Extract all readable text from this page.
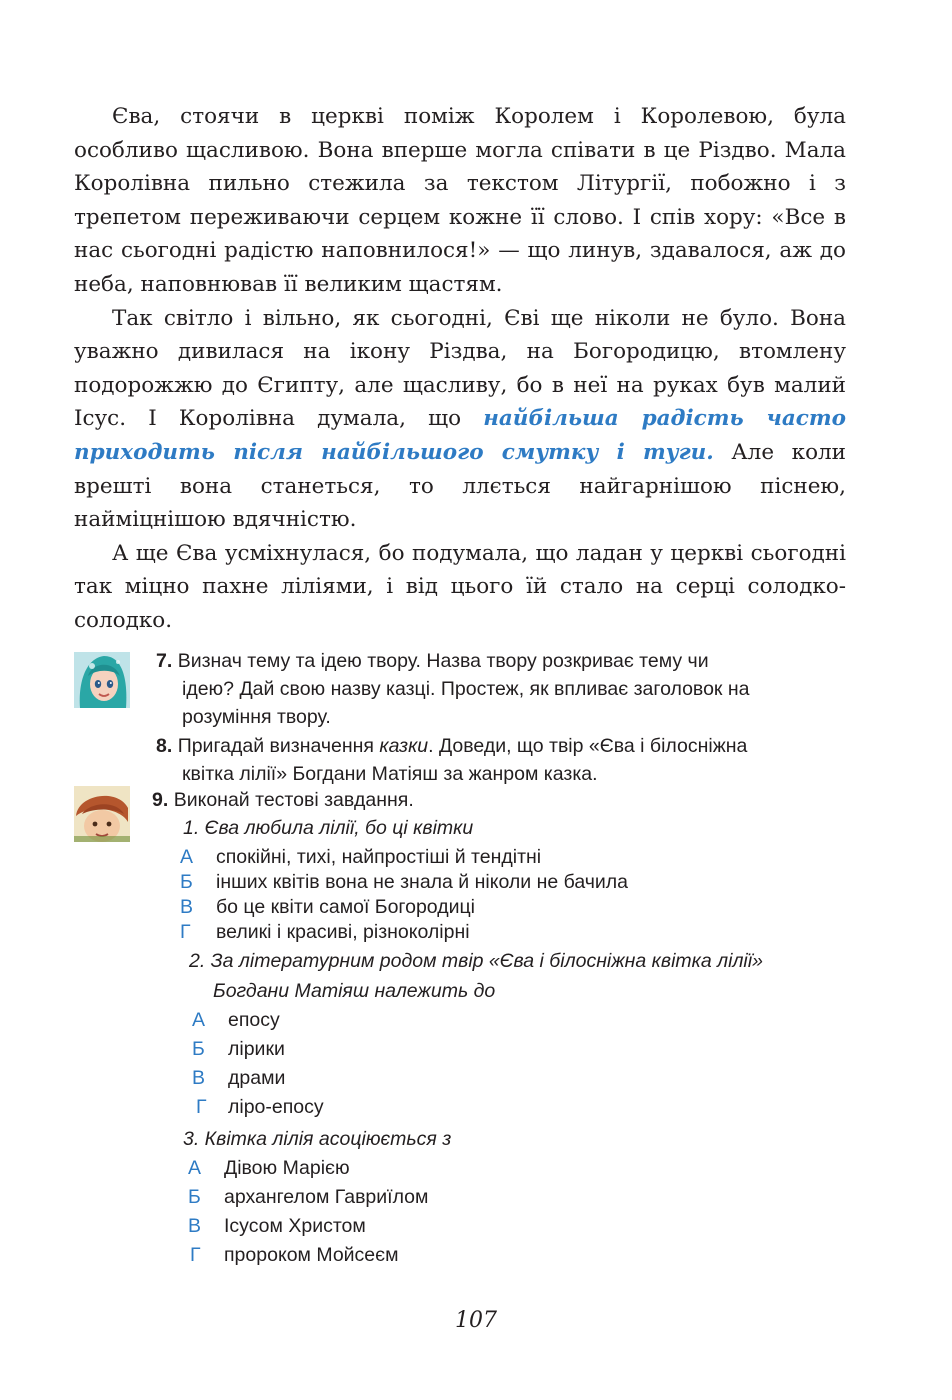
Єва, стоячи в церкві поміж Королем і Королевою, була особливо щасливою. Вона вперше могла співати в це Різдво. Мала Королівна пильно стежила за текстом Літургії, побожно і з трепетом переживаючи серцем кожне її слово. І спів хору: «Все в нас сьогодні радістю наповнилося!» — що линув, здавалося, аж до неба, наповнював її великим щастям.

Так світло і вільно, як сьогодні, Єві ще ніколи не було. Вона уважно дивилася на ікону Різдва, на Богородицю, втомлену подорожжю до Єгипту, але щасливу, бо в неї на руках був малий Ісус. І Королівна думала, що найбільша радість часто приходить після найбільшого смутку і туги. Але коли врешті вона станеться, то ллється найгарнішою піснею, наймiцнішою вдячністю.

А ще Єва усміхнулася, бо подумала, що ладан у церкві сьогодні так міцно пахне ліліями, і від цього їй стало на серці солодко-солодко.

7. Визнач тему та ідею твору. Назва твору розкриває тему чи
ідею? Дай свою назву казці. Простеж, як впливає заголовок на
розуміння твору.
8. Пригадай визначення казки. Доведи, що твір «Єва і білосніжна
квітка лілії» Богдани Матіяш за жанром казка.
9. Виконай тестові завдання.
1. Єва любила лілії, бо ці квітки
А спокійні, тихі, найпростіші й тендітні
Б інших квітів вона не знала й ніколи не бачила
В бо це квіти самої Богородиці
Г великі і красиві, різноколірні
2. За літературним родом твір «Єва і білосніжна квітка лілії»
Богдани Матіяш належить до
А епосу
Б лірики
В драми
Г ліро-епосу
3. Квітка лілія асоціюється з
А Дівою Марією
Б архангелом Гавриїлом
В Ісусом Христом
Г пророком Мойсеєм
107
